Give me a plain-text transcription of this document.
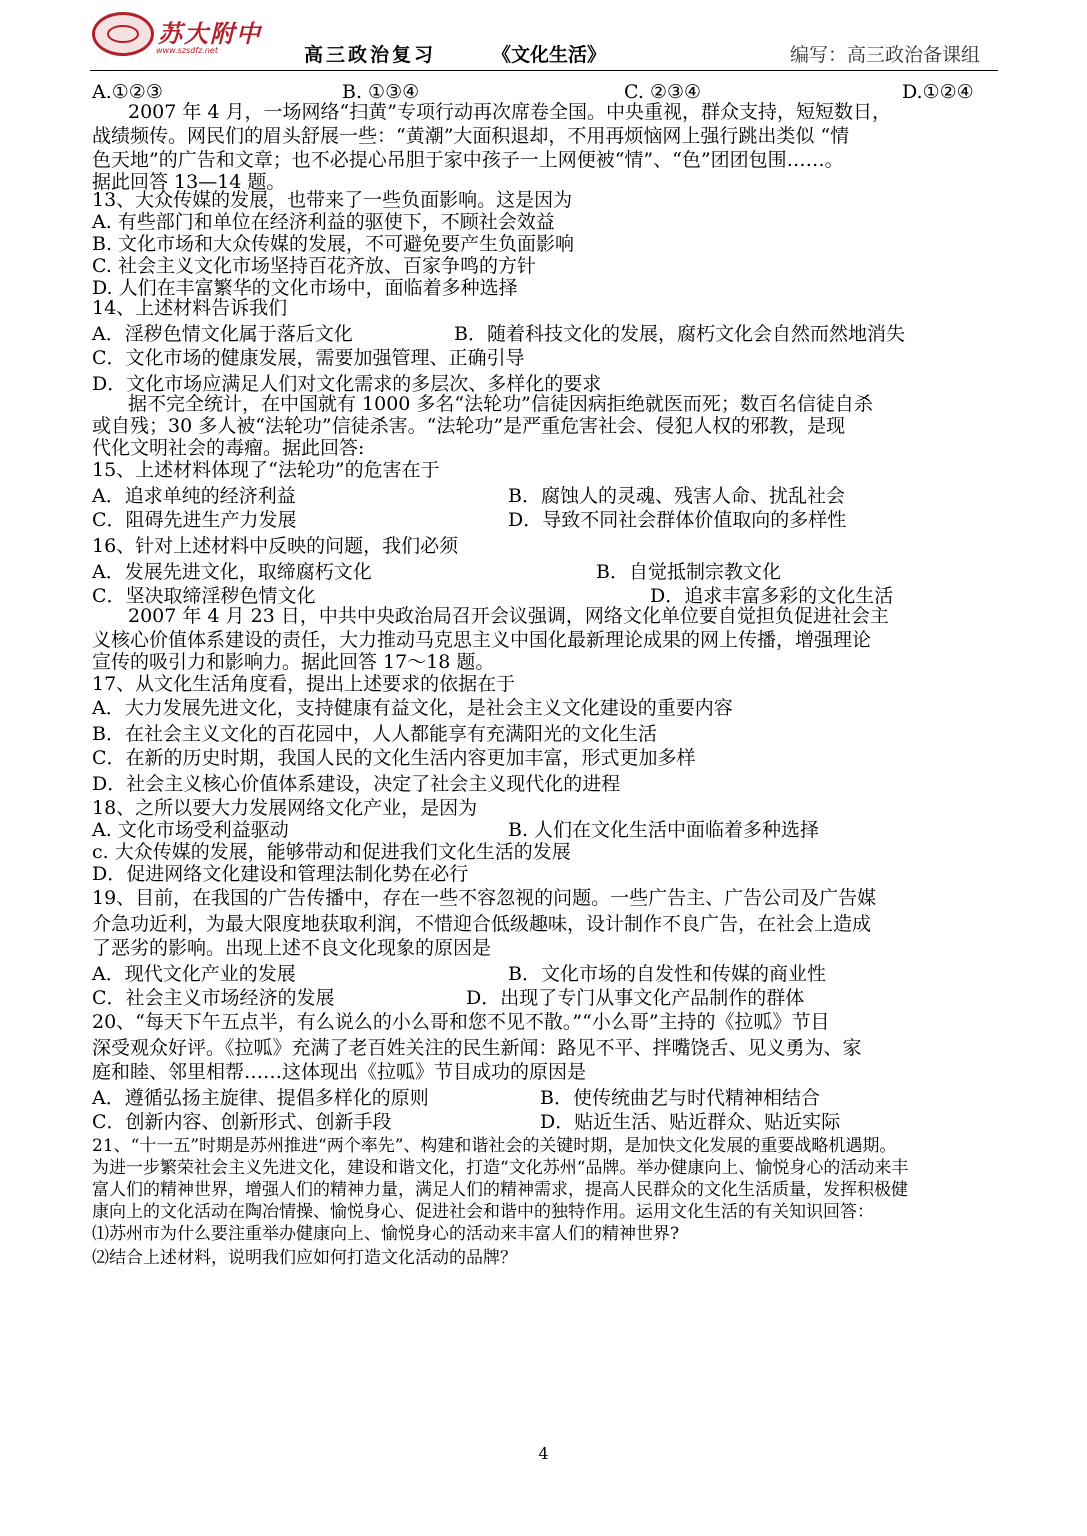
苏大附中
www.szsdfz.net	高三政治复习	《文化生活》	编写：高三政治备课组
A.①②③	B. ①③④	C. ②③④	D.①②④
2007 年 4 月，一场网络“扫黄”专项行动再次席卷全国。中央重视，群众支持，短短数日，
战绩频传。网民们的眉头舒展一些：“黄潮”大面积退却，不用再烦恼网上强行跳出类似 “情
色天地”的广告和文章；也不必提心吊胆于家中孩子一上网便被“情”、“色”团团包围……。
据此回答 13—14 题。
13、大众传媒的发展，也带来了一些负面影响。这是因为
A. 有些部门和单位在经济利益的驱使下，不顾社会效益
B. 文化市场和大众传媒的发展，不可避免要产生负面影响
C. 社会主义文化市场坚持百花齐放、百家争鸣的方针
D. 人们在丰富繁华的文化市场中，面临着多种选择
14、上述材料告诉我们
A．淫秽色情文化属于落后文化	B．随着科技文化的发展，腐朽文化会自然而然地消失
C．文化市场的健康发展，需要加强管理、正确引导
D．文化市场应满足人们对文化需求的多层次、多样化的要求
据不完全统计，在中国就有 1000 多名“法轮功”信徒因病拒绝就医而死；数百名信徒自杀
或自残；30 多人被“法轮功”信徒杀害。“法轮功”是严重危害社会、侵犯人权的邪教，是现
代化文明社会的毒瘤。据此回答:
15、上述材料体现了“法轮功”的危害在于
A．追求单纯的经济利益	B．腐蚀人的灵魂、残害人命、扰乱社会
C．阻碍先进生产力发展	D．导致不同社会群体价值取向的多样性
16、针对上述材料中反映的问题，我们必须
A．发展先进文化，取缔腐朽文化	B．自觉抵制宗教文化
C．坚决取缔淫秽色情文化	D．追求丰富多彩的文化生活
2007 年 4 月 23 日，中共中央政治局召开会议强调，网络文化单位要自觉担负促进社会主
义核心价值体系建设的责任，大力推动马克思主义中国化最新理论成果的网上传播，增强理论
宣传的吸引力和影响力。据此回答 17～18 题。
17、从文化生活角度看，提出上述要求的依据在于
A．大力发展先进文化，支持健康有益文化，是社会主义文化建设的重要内容
B．在社会主义文化的百花园中，人人都能享有充满阳光的文化生活
C．在新的历史时期，我国人民的文化生活内容更加丰富，形式更加多样
D．社会主义核心价值体系建设，决定了社会主义现代化的进程
18、之所以要大力发展网络文化产业，是因为
A. 文化市场受利益驱动	B. 人们在文化生活中面临着多种选择
c. 大众传媒的发展，能够带动和促进我们文化生活的发展
D．促进网络文化建设和管理法制化势在必行
19、目前，在我国的广告传播中，存在一些不容忽视的问题。一些广告主、广告公司及广告媒
介急功近利，为最大限度地获取利润，不惜迎合低级趣味，设计制作不良广告，在社会上造成
了恶劣的影响。出现上述不良文化现象的原因是
A．现代文化产业的发展	B．文化市场的自发性和传媒的商业性
C．社会主义市场经济的发展	D．出现了专门从事文化产品制作的群体
20、“每天下午五点半，有么说么的小么哥和您不见不散。”“小么哥”主持的《拉呱》节目
深受观众好评。《拉呱》充满了老百姓关注的民生新闻：路见不平、拌嘴饶舌、见义勇为、家
庭和睦、邻里相帮……这体现出《拉呱》节目成功的原因是
A．遵循弘扬主旋律、提倡多样化的原则	B．使传统曲艺与时代精神相结合
C．创新内容、创新形式、创新手段	D．贴近生活、贴近群众、贴近实际
21、“十一五”时期是苏州推进“两个率先”、构建和谐社会的关键时期，是加快文化发展的重要战略机遇期。
为进一步繁荣社会主义先进文化，建设和谐文化，打造“文化苏州“品牌。举办健康向上、愉悦身心的活动来丰
富人们的精神世界，增强人们的精神力量，满足人们的精神需求，提高人民群众的文化生活质量，发挥积极健
康向上的文化活动在陶冶情操、愉悦身心、促进社会和谐中的独特作用。运用文化生活的有关知识回答：
⑴苏州市为什么要注重举办健康向上、愉悦身心的活动来丰富人们的精神世界?
⑵结合上述材料，说明我们应如何打造文化活动的品牌？
4
